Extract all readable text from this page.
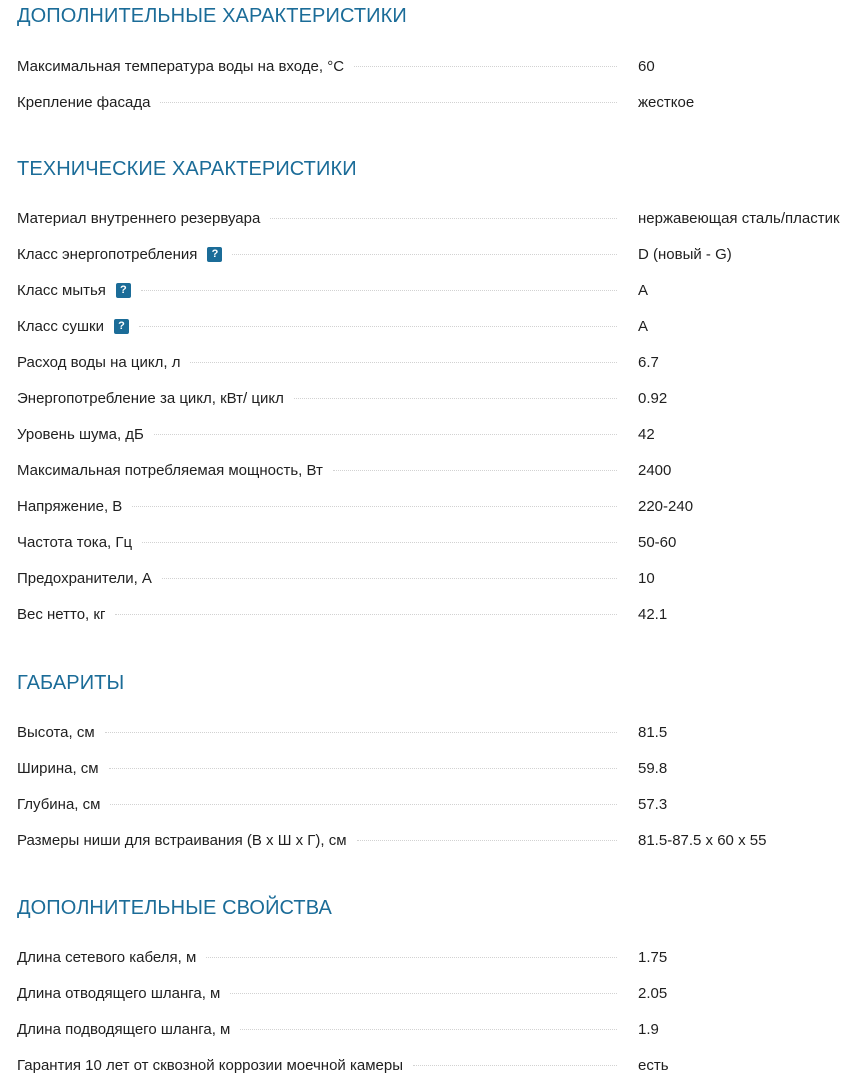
ДОПОЛНИТЕЛЬНЫЕ ХАРАКТЕРИСТИКИ
Максимальная температура воды на входе, °C	60
Крепление фасада	жесткое
ТЕХНИЧЕСКИЕ ХАРАКТЕРИСТИКИ
Материал внутреннего резервуара	нержавеющая сталь/пластик
Класс энергопотребления	?	D (новый - G)
Класс мытья	?	A
Класс сушки	?	A
Расход воды на цикл, л	6.7
Энергопотребление за цикл, кВт/ цикл	0.92
Уровень шума, дБ	42
Максимальная потребляемая мощность, Вт	2400
Напряжение, В	220-240
Частота тока, Гц	50-60
Предохранители, А	10
Вес нетто, кг	42.1
ГАБАРИТЫ
Высота, см	81.5
Ширина, см	59.8
Глубина, см	57.3
Размеры ниши для встраивания (В х Ш х Г), см	81.5-87.5 x 60 x 55
ДОПОЛНИТЕЛЬНЫЕ СВОЙСТВА
Длина сетевого кабеля, м	1.75
Длина отводящего шланга, м	2.05
Длина подводящего шланга, м	1.9
Гарантия 10 лет от сквозной коррозии моечной камеры	есть
